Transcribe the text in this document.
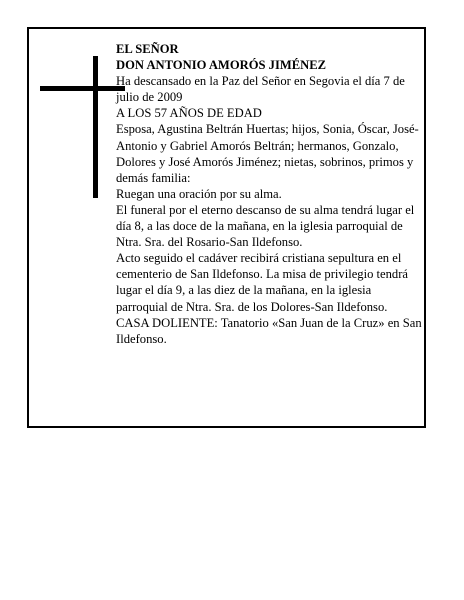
EL SEÑOR

DON ANTONIO AMORÓS JIMÉNEZ

Ha descansado en la Paz del Señor en Segovia el día 7 de julio de 2009

A LOS 57 AÑOS DE EDAD

Esposa, Agustina Beltrán Huertas; hijos, Sonia, Óscar, José-Antonio y Gabriel Amorós Beltrán; hermanos, Gonzalo, Dolores y José Amorós Jiménez; nietas, sobrinos, primos y demás familia:

Ruegan una oración por su alma.

El funeral por el eterno descanso de su alma tendrá lugar el día 8, a las doce de la mañana, en la iglesia parroquial de Ntra. Sra. del Rosario-San Ildefonso.

Acto seguido el cadáver recibirá cristiana sepultura en el cementerio de San Ildefonso. La misa de privilegio tendrá lugar el día 9, a las diez de la mañana, en la iglesia parroquial de Ntra. Sra. de los Dolores-San Ildefonso.

CASA DOLIENTE: Tanatorio «San Juan de la Cruz» en San Ildefonso.
